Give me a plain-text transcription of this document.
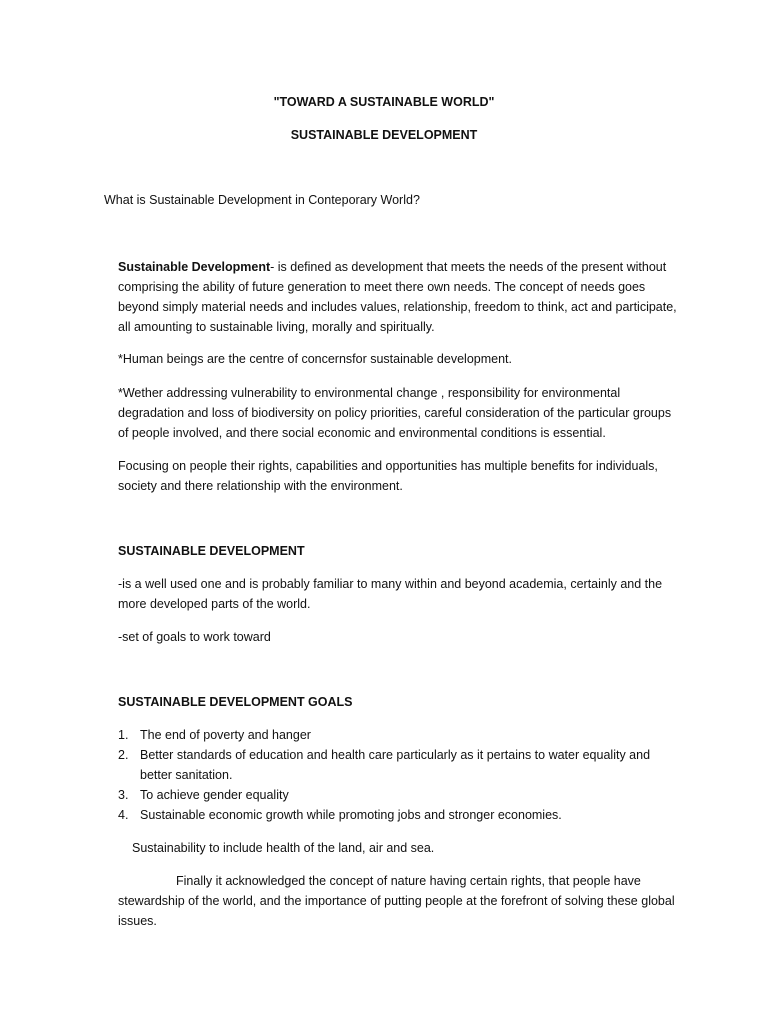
"TOWARD A SUSTAINABLE WORLD"

SUSTAINABLE DEVELOPMENT

What is Sustainable Development in Conteporary World?

Sustainable Development- is defined as development that meets the needs of the present without comprising the ability of future generation to meet there own needs. The concept of needs goes beyond simply material needs and includes values, relationship, freedom to think, act and participate, all amounting to sustainable living, morally and spiritually.

*Human beings are the centre of concernsfor sustainable development.

*Wether addressing vulnerability to environmental change , responsibility for environmental degradation and loss of biodiversity on policy priorities, careful consideration of the particular groups of people involved, and there social economic and environmental conditions is essential.

Focusing on people their rights, capabilities and opportunities has multiple benefits for individuals, society and there relationship with the environment.

SUSTAINABLE DEVELOPMENT

-is a well used one and is probably familiar to many within and beyond academia, certainly and the more developed parts of the world.

-set of goals to work toward

SUSTAINABLE DEVELOPMENT GOALS

1. The end of poverty and hanger
2. Better standards of education and health care particularly as it pertains to water equality and better sanitation.
3. To achieve gender equality
4. Sustainable economic growth while promoting jobs and stronger economies.

Sustainability to include health of the land, air and sea.

Finally it acknowledged the concept of nature having certain rights, that people have stewardship of the world, and the importance of putting people at the forefront of solving these global issues.
